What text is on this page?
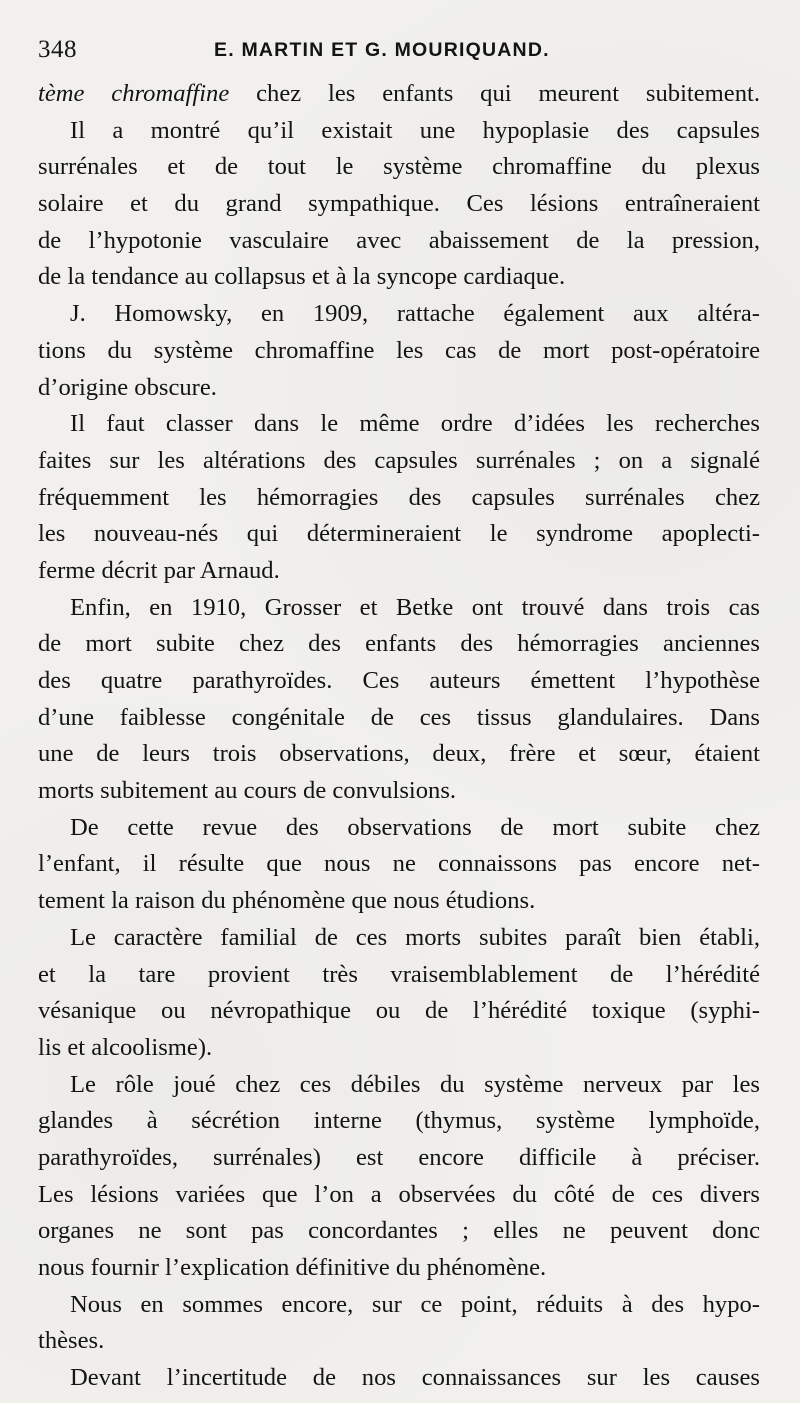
348	E. MARTIN ET G. MOURIQUAND.
tème chromaffine chez les enfants qui meurent subitement.
Il a montré qu’il existait une hypoplasie des capsules
surrénales et de tout le système chromaffine du plexus
solaire et du grand sympathique. Ces lésions entraîneraient
de l’hypotonie vasculaire avec abaissement de la pression,
de la tendance au collapsus et à la syncope cardiaque.
J. Homowsky, en 1909, rattache également aux altéra-
tions du système chromaffine les cas de mort post-opératoire
d’origine obscure.
Il faut classer dans le même ordre d’idées les recherches
faites sur les altérations des capsules surrénales ; on a signalé
fréquemment les hémorragies des capsules surrénales chez
les nouveau-nés qui détermineraient le syndrome apoplecti-
ferme décrit par Arnaud.
Enfin, en 1910, Grosser et Betke ont trouvé dans trois cas
de mort subite chez des enfants des hémorragies anciennes
des quatre parathyroïdes. Ces auteurs émettent l’hypothèse
d’une faiblesse congénitale de ces tissus glandulaires. Dans
une de leurs trois observations, deux, frère et sœur, étaient
morts subitement au cours de convulsions.
De cette revue des observations de mort subite chez
l’enfant, il résulte que nous ne connaissons pas encore net-
tement la raison du phénomène que nous étudions.
Le caractère familial de ces morts subites paraît bien établi,
et la tare provient très vraisemblablement de l’hérédité
vésanique ou névropathique ou de l’hérédité toxique (syphi-
lis et alcoolisme).
Le rôle joué chez ces débiles du système nerveux par les
glandes à sécrétion interne (thymus, système lymphoïde,
parathyroïdes, surrénales) est encore difficile à préciser.
Les lésions variées que l’on a observées du côté de ces divers
organes ne sont pas concordantes ; elles ne peuvent donc
nous fournir l’explication définitive du phénomène.
Nous en sommes encore, sur ce point, réduits à des hypo-
thèses.
Devant l’incertitude de nos connaissances sur les causes
